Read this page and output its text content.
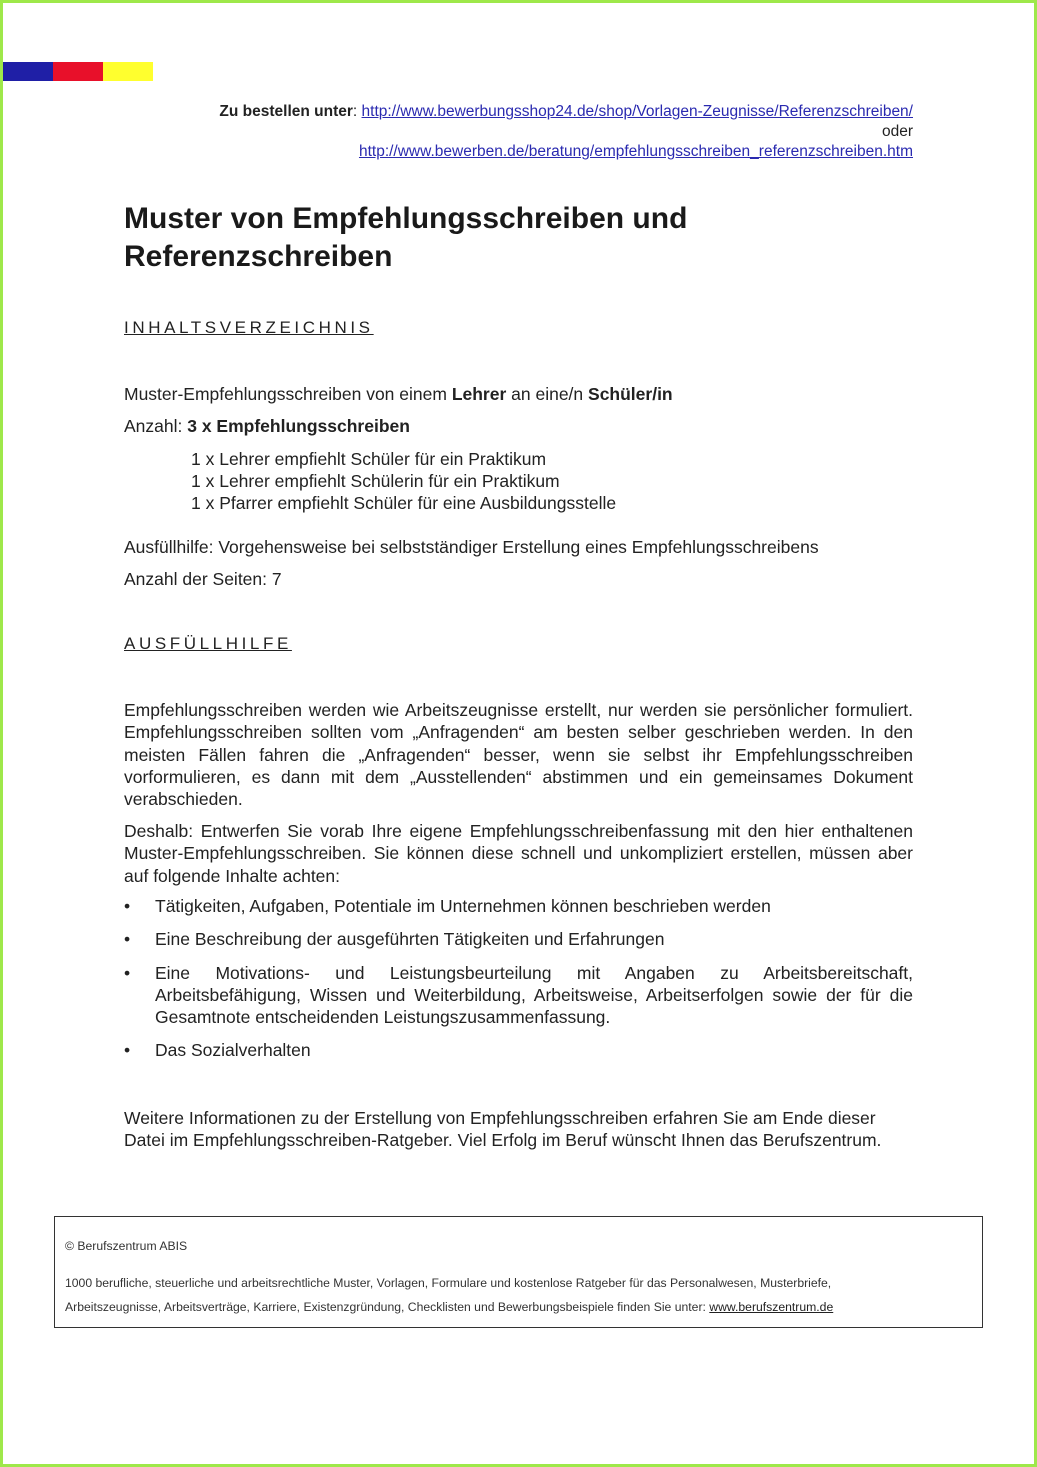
Zu bestellen unter: http://www.bewerbungsshop24.de/shop/Vorlagen-Zeugnisse/Referenzschreiben/
oder
http://www.bewerben.de/beratung/empfehlungsschreiben_referenzschreiben.htm
Muster von Empfehlungsschreiben und Referenzschreiben
INHALTSVERZEICHNIS
Muster-Empfehlungsschreiben von einem Lehrer an eine/n Schüler/in
Anzahl: 3 x Empfehlungsschreiben
1 x Lehrer empfiehlt Schüler für ein Praktikum
1 x Lehrer empfiehlt Schülerin für ein Praktikum
1 x Pfarrer empfiehlt Schüler für eine Ausbildungsstelle
Ausfüllhilfe: Vorgehensweise bei selbstständiger Erstellung eines Empfehlungsschreibens
Anzahl der Seiten: 7
AUSFÜLLHILFE

Empfehlungsschreiben werden wie Arbeitszeugnisse erstellt, nur werden sie persönlicher formuliert. Empfehlungsschreiben sollten vom „Anfragenden“ am besten selber geschrieben werden. In den meisten Fällen fahren die „Anfragenden“ besser, wenn sie selbst ihr Empfehlungsschreiben vorformulieren, es dann mit dem „Ausstellenden“ abstimmen und ein gemeinsames Dokument verabschieden.

Deshalb: Entwerfen Sie vorab Ihre eigene Empfehlungsschreibenfassung mit den hier enthaltenen Muster-Empfehlungsschreiben. Sie können diese schnell und unkompliziert erstellen, müssen aber auf folgende Inhalte achten:

• Tätigkeiten, Aufgaben, Potentiale im Unternehmen können beschrieben werden
• Eine Beschreibung der ausgeführten Tätigkeiten und Erfahrungen
• Eine Motivations- und Leistungsbeurteilung mit Angaben zu Arbeitsbereitschaft, Arbeitsbefähigung, Wissen und Weiterbildung, Arbeitsweise, Arbeitserfolgen sowie der für die Gesamtnote entscheidenden Leistungszusammenfassung.
• Das Sozialverhalten

Weitere Informationen zu der Erstellung von Empfehlungsschreiben erfahren Sie am Ende dieser Datei im Empfehlungsschreiben-Ratgeber. Viel Erfolg im Beruf wünscht Ihnen das Berufszentrum.

© Berufszentrum ABIS

1000 berufliche, steuerliche und arbeitsrechtliche Muster, Vorlagen, Formulare und kostenlose Ratgeber für das Personalwesen, Musterbriefe,
Arbeitszeugnisse, Arbeitsverträge, Karriere, Existenzgründung, Checklisten und Bewerbungsbeispiele finden Sie unter: www.berufszentrum.de
